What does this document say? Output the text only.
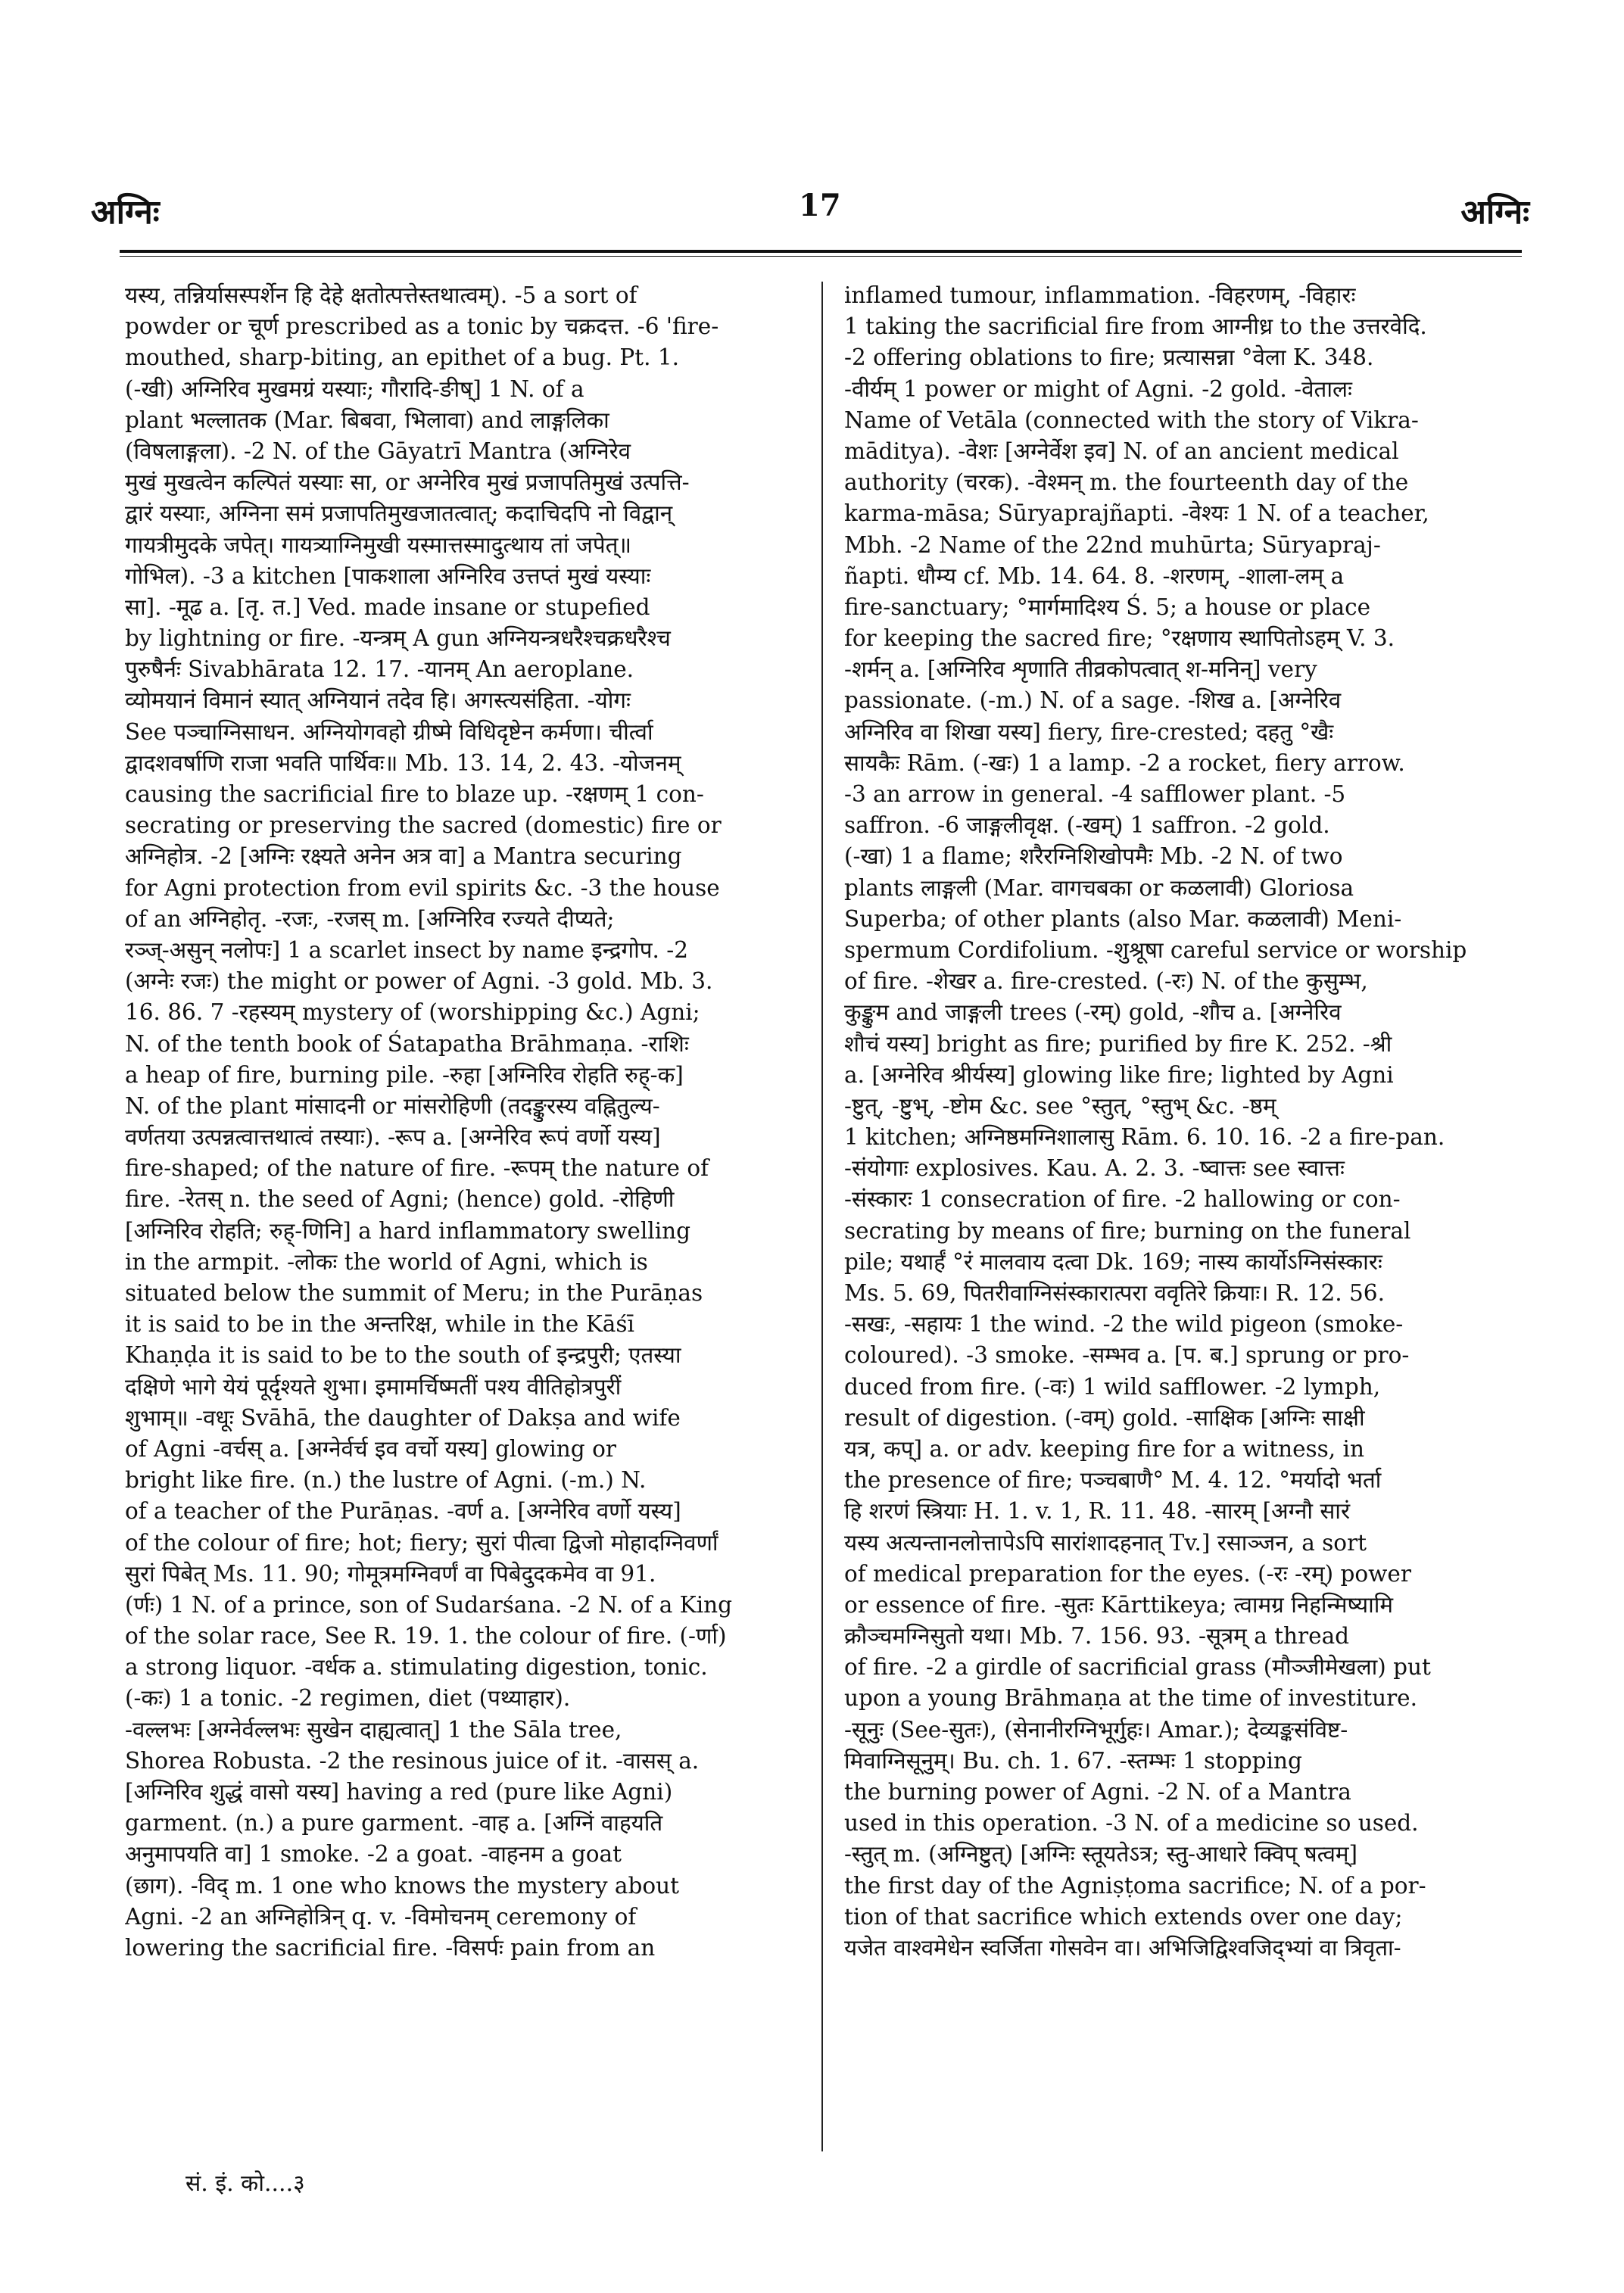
अग्निः	17	अग्निः
यस्य, तन्निर्यासस्पर्शेन हि देहे क्षतोत्पत्तेस्तथात्वम्). -5 a sort of
powder or चूर्ण prescribed as a tonic by चक्रदत्त. -6 'fire-
mouthed, sharp-biting, an epithet of a bug. Pt. 1.
(-खी) अग्निरिव मुखमग्रं यस्याः; गौरादि-ङीष्] 1 N. of a
plant भल्लातक (Mar. बिबवा, भिलावा) and लाङ्गलिका
(विषलाङ्गला). -2 N. of the Gāyatrī Mantra (अग्निरेव
मुखं मुखत्वेन कल्पितं यस्याः सा, or अग्नेरिव मुखं प्रजापतिमुखं उत्पत्ति-
द्वारं यस्याः, अग्निना समं प्रजापतिमुखजातत्वात्; कदाचिदपि नो विद्वान्
गायत्रीमुदके जपेत्। गायत्र्याग्निमुखी यस्मात्तस्मादुत्थाय तां जपेत्॥
गोभिल). -3 a kitchen [पाकशाला अग्निरिव उत्तप्तं मुखं यस्याः
सा]. -मूढ a. [तृ. त.] Ved. made insane or stupefied
by lightning or fire. -यन्त्रम् A gun अग्नियन्त्रधरैश्चक्रधरैश्च
पुरुषैर्नः Sivabhārata 12. 17. -यानम् An aeroplane.
व्योमयानं विमानं स्यात् अग्नियानं तदेव हि। अगस्त्यसंहिता. -योगः
See पञ्चाग्निसाधन. अग्नियोगवहो ग्रीष्मे विधिदृष्टेन कर्मणा। चीर्त्वा
द्वादशवर्षाणि राजा भवति पार्थिवः॥ Mb. 13. 14, 2. 43. -योजनम्
causing the sacrificial fire to blaze up. -रक्षणम् 1 con-
secrating or preserving the sacred (domestic) fire or
अग्निहोत्र. -2 [अग्निः रक्ष्यते अनेन अत्र वा] a Mantra securing
for Agni protection from evil spirits &c. -3 the house
of an अग्निहोतृ. -रजः, -रजस् m. [अग्निरिव रज्यते दीप्यते;
रञ्ज्-असुन् नलोपः] 1 a scarlet insect by name इन्द्रगोप. -2
(अग्नेः रजः) the might or power of Agni. -3 gold. Mb. 3.
16. 86. 7 -रहस्यम् mystery of (worshipping &c.) Agni;
N. of the tenth book of Śatapatha Brāhmaṇa. -राशिः
a heap of fire, burning pile. -रुहा [अग्निरिव रोहति रुह्-क]
N. of the plant मांसादनी or मांसरोहिणी (तदङ्कुरस्य वह्नितुल्य-
वर्णतया उत्पन्नत्वात्तथात्वं तस्याः). -रूप a. [अग्नेरिव रूपं वर्णो यस्य]
fire-shaped; of the nature of fire. -रूपम् the nature of
fire. -रेतस् n. the seed of Agni; (hence) gold. -रोहिणी
[अग्निरिव रोहति; रुह्-णिनि] a hard inflammatory swelling
in the armpit. -लोकः the world of Agni, which is
situated below the summit of Meru; in the Purāṇas
it is said to be in the अन्तरिक्ष, while in the Kāśī
Khaṇḍa it is said to be to the south of इन्द्रपुरी; एतस्या
दक्षिणे भागे येयं पूर्दृश्यते शुभा। इमामर्चिष्मतीं पश्य वीतिहोत्रपुरीं
शुभाम्॥ -वधूः Svāhā, the daughter of Dakṣa and wife
of Agni -वर्चस् a. [अग्नेर्वर्च इव वर्चो यस्य] glowing or
bright like fire. (n.) the lustre of Agni. (-m.) N.
of a teacher of the Purāṇas. -वर्ण a. [अग्नेरिव वर्णो यस्य]
of the colour of fire; hot; fiery; सुरां पीत्वा द्विजो मोहादग्निवर्णां
सुरां पिबेत् Ms. 11. 90; गोमूत्रमग्निवर्णं वा पिबेदुदकमेव वा 91.
(र्णः) 1 N. of a prince, son of Sudarśana. -2 N. of a King
of the solar race, See R. 19. 1. the colour of fire. (-र्णा)
a strong liquor. -वर्धक a. stimulating digestion, tonic.
(-कः) 1 a tonic. -2 regimen, diet (पथ्याहार).
-वल्लभः [अग्नेर्वल्लभः सुखेन दाह्यत्वात्] 1 the Sāla tree,
Shorea Robusta. -2 the resinous juice of it. -वासस् a.
[अग्निरिव शुद्धं वासो यस्य] having a red (pure like Agni)
garment. (n.) a pure garment. -वाह a. [अग्निं वाहयति
अनुमापयति वा] 1 smoke. -2 a goat. -वाहनम a goat
(छाग). -विद् m. 1 one who knows the mystery about
Agni. -2 an अग्निहोत्रिन् q. v. -विमोचनम् ceremony of
lowering the sacrificial fire. -विसर्पः pain from an
inflamed tumour, inflammation. -विहरणम्, -विहारः
1 taking the sacrificial fire from आग्नीध्र to the उत्तरवेदि.
-2 offering oblations to fire; प्रत्यासन्ना °वेला K. 348.
-वीर्यम् 1 power or might of Agni. -2 gold. -वेतालः
Name of Vetāla (connected with the story of Vikra-
māditya). -वेशः [अग्नेर्वेश इव] N. of an ancient medical
authority (चरक). -वेश्मन् m. the fourteenth day of the
karma-māsa; Sūryaprajñapti. -वेश्यः 1 N. of a teacher,
Mbh. -2 Name of the 22nd muhūrta; Sūryapraj-
ñapti. धौम्य cf. Mb. 14. 64. 8. -शरणम्, -शाला-लम् a
fire-sanctuary; °मार्गमादिश्य Ś. 5; a house or place
for keeping the sacred fire; °रक्षणाय स्थापितोऽहम् V. 3.
-शर्मन् a. [अग्निरिव शृणाति तीव्रकोपत्वात् श-मनिन्] very
passionate. (-m.) N. of a sage. -शिख a. [अग्नेरिव
अग्निरिव वा शिखा यस्य] fiery, fire-crested; दहतु °खैः
सायकैः Rām. (-खः) 1 a lamp. -2 a rocket, fiery arrow.
-3 an arrow in general. -4 safflower plant. -5
saffron. -6 जाङ्गलीवृक्ष. (-खम्) 1 saffron. -2 gold.
(-खा) 1 a flame; शरैरग्निशिखोपमैः Mb. -2 N. of two
plants लाङ्गली (Mar. वागचबका or कळलावी) Gloriosa
Superba; of other plants (also Mar. कळलावी) Meni-
spermum Cordifolium. -शुश्रूषा careful service or worship
of fire. -शेखर a. fire-crested. (-रः) N. of the कुसुम्भ,
कुङ्कुम and जाङ्गली trees (-रम्) gold, -शौच a. [अग्नेरिव
शौचं यस्य] bright as fire; purified by fire K. 252. -श्री
a. [अग्नेरिव श्रीर्यस्य] glowing like fire; lighted by Agni
-ष्टुत्, -ष्टुभ्, -ष्टोम &c. see °स्तुत्, °स्तुभ् &c. -ष्ठम्
1 kitchen; अग्निष्ठमग्निशालासु Rām. 6. 10. 16. -2 a fire-pan.
-संयोगाः explosives. Kau. A. 2. 3. -ष्वात्तः see स्वात्तः
-संस्कारः 1 consecration of fire. -2 hallowing or con-
secrating by means of fire; burning on the funeral
pile; यथार्हं °रं मालवाय दत्वा Dk. 169; नास्य कार्योऽग्निसंस्कारः
Ms. 5. 69, पितरीवाग्निसंस्कारात्परा ववृतिरे क्रियाः। R. 12. 56.
-सखः, -सहायः 1 the wind. -2 the wild pigeon (smoke-
coloured). -3 smoke. -सम्भव a. [प. ब.] sprung or pro-
duced from fire. (-वः) 1 wild safflower. -2 lymph,
result of digestion. (-वम्) gold. -साक्षिक [अग्निः साक्षी
यत्र, कप्] a. or adv. keeping fire for a witness, in
the presence of fire; पञ्चबाणै° M. 4. 12. °मर्यादो भर्ता
हि शरणं स्त्रियाः H. 1. v. 1, R. 11. 48. -सारम् [अग्नौ सारं
यस्य अत्यन्तानलोत्तापेऽपि सारांशादहनात् Tv.] रसाञ्जन, a sort
of medical preparation for the eyes. (-रः -रम्) power
or essence of fire. -सुतः Kārttikeya; त्वामग्र निहन्मिष्यामि
क्रौञ्चमग्निसुतो यथा। Mb. 7. 156. 93. -सूत्रम् a thread
of fire. -2 a girdle of sacrificial grass (मौञ्जीमेखला) put
upon a young Brāhmaṇa at the time of investiture.
-सूनुः (See-सुतः), (सेनानीरग्निभूर्गुहः। Amar.); देव्यङ्कसंविष्ट-
मिवाग्निसूनुम्। Bu. ch. 1. 67. -स्तम्भः 1 stopping
the burning power of Agni. -2 N. of a Mantra
used in this operation. -3 N. of a medicine so used.
-स्तुत् m. (अग्निष्टुत्) [अग्निः स्तूयतेऽत्र; स्तु-आधारे क्विप् षत्वम्]
the first day of the Agniṣṭoma sacrifice; N. of a por-
tion of that sacrifice which extends over one day;
यजेत वाश्वमेधेन स्वर्जिता गोसवेन वा। अभिजिद्विश्वजिद्भ्यां वा त्रिवृता-
सं. इं. को....३
